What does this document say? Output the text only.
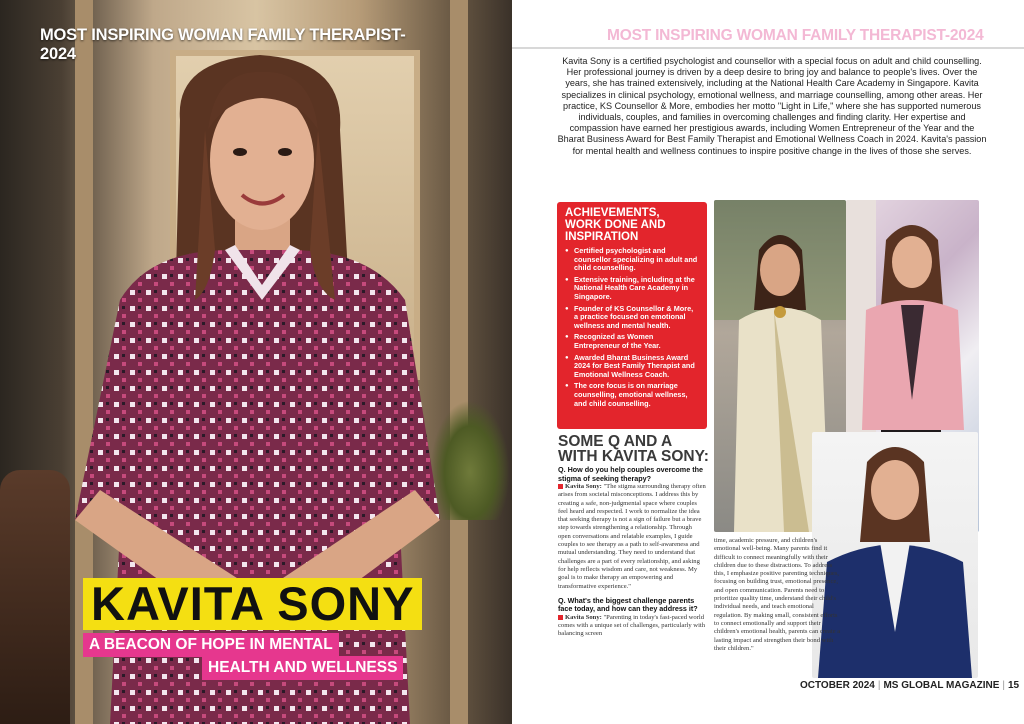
MOST INSPIRING WOMAN FAMILY THERAPIST-2024
KAVITA SONY
A BEACON OF HOPE IN MENTAL
HEALTH AND WELLNESS
MOST INSPIRING WOMAN FAMILY THERAPIST-2024

Kavita Sony is a certified psychologist and counsellor with a special focus on adult and child counselling. Her professional journey is driven by a deep desire to bring joy and balance to people's lives. Over the years, she has trained extensively, including at the National Health Care Academy in Singapore. Kavita specializes in clinical psychology, emotional wellness, and marriage counselling, among other areas. Her practice, KS Counsellor & More, embodies her motto "Light in Life," where she has supported numerous individuals, couples, and families in overcoming challenges and finding clarity. Her expertise and compassion have earned her prestigious awards, including Women Entrepreneur of the Year and the Bharat Business Award for Best Family Therapist and Emotional Wellness Coach in 2024. Kavita's passion for mental health and wellness continues to inspire positive change in the lives of those she serves.

ACHIEVEMENTS, WORK DONE AND INSPIRATION
● Certified psychologist and counsellor specializing in adult and child counselling.
● Extensive training, including at the National Health Care Academy in Singapore.
● Founder of KS Counsellor & More, a practice focused on emotional wellness and mental health.
● Recognized as Women Entrepreneur of the Year.
● Awarded Bharat Business Award 2024 for Best Family Therapist and Emotional Wellness Coach.
● The core focus is on marriage counselling, emotional wellness, and child counselling.
SOME Q AND A
WITH KAVITA SONY:

Q. How do you help couples overcome the stigma of seeking therapy?

Kavita Sony: "The stigma surrounding therapy often arises from societal misconceptions. I address this by creating a safe, non-judgmental space where couples feel heard and respected. I work to normalize the idea that seeking therapy is not a sign of failure but a brave step towards strengthening a relationship. Through open conversations and relatable examples, I guide couples to see therapy as a path to self-awareness and mutual understanding. They need to understand that challenges are a part of every relationship, and asking for help reflects wisdom and care, not weakness. My goal is to make therapy an empowering and transformative experience."

Q. What's the biggest challenge parents face today, and how can they address it?

Kavita Sony: "Parenting in today's fast-paced world comes with a unique set of challenges, particularly with balancing screen

time, academic pressure, and children's emotional well-being. Many parents find it difficult to connect meaningfully with their children due to these distractions. To address this, I emphasize positive parenting techniques, focusing on building trust, emotional presence, and open communication. Parents need to prioritize quality time, understand their child's individual needs, and teach emotional regulation. By making small, consistent efforts to connect emotionally and support their children's emotional health, parents can create a lasting impact and strengthen their bond with their children."
OCTOBER 2024 | MS GLOBAL MAGAZINE | 15
